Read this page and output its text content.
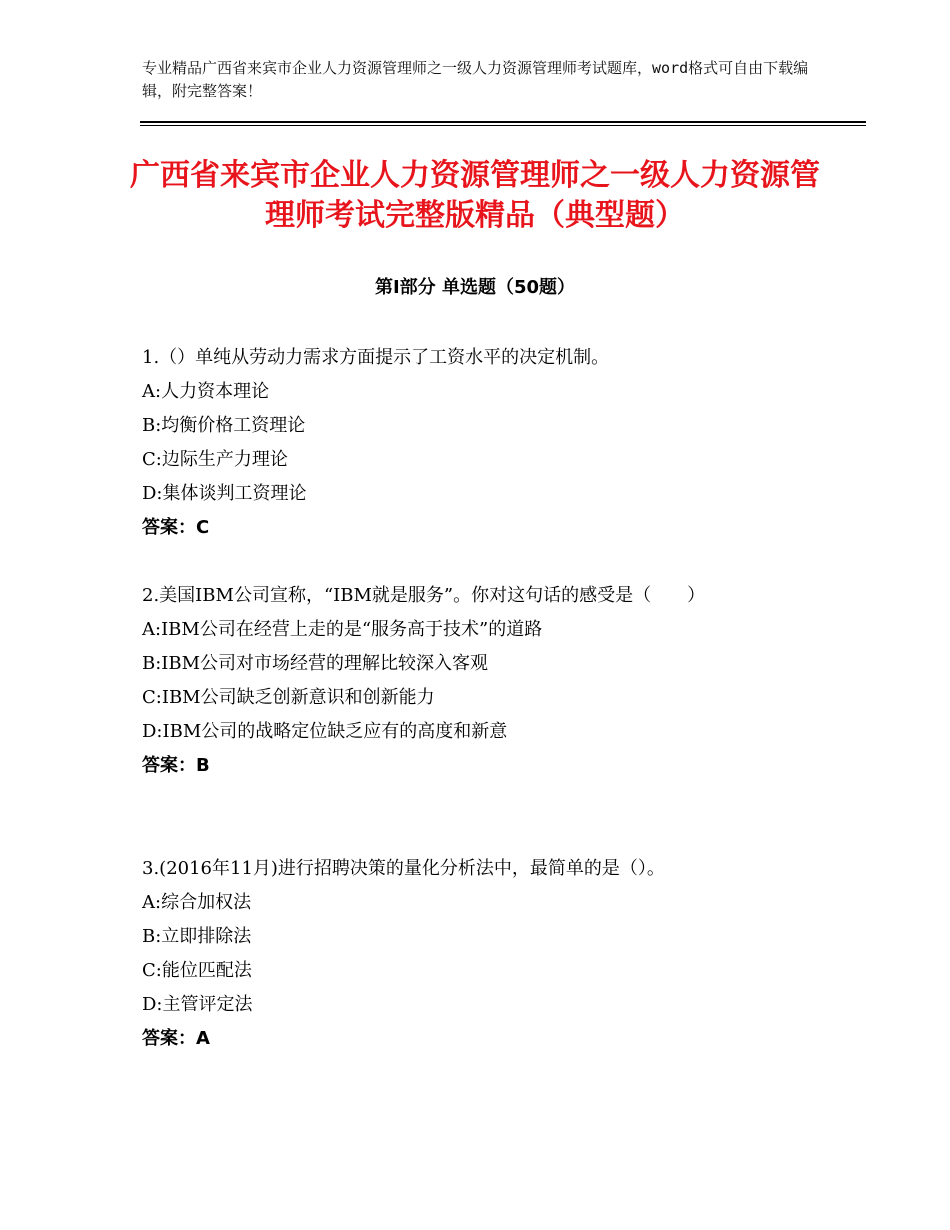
专业精品广西省来宾市企业人力资源管理师之一级人力资源管理师考试题库，word格式可自由下载编辑，附完整答案！
广西省来宾市企业人力资源管理师之一级人力资源管理师考试完整版精品（典型题）
第Ⅰ部分 单选题（50题）

1.（）单纯从劳动力需求方面提示了工资水平的决定机制。

A:人力资本理论

B:均衡价格工资理论

C:边际生产力理论

D:集体谈判工资理论

答案：C

2.美国IBM公司宣称，“IBM就是服务”。你对这句话的感受是（　　）

A:IBM公司在经营上走的是“服务高于技术”的道路

B:IBM公司对市场经营的理解比较深入客观

C:IBM公司缺乏创新意识和创新能力

D:IBM公司的战略定位缺乏应有的高度和新意

答案：B

3.(2016年11月)进行招聘决策的量化分析法中，最简单的是（）。

A:综合加权法

B:立即排除法

C:能位匹配法

D:主管评定法

答案：A
